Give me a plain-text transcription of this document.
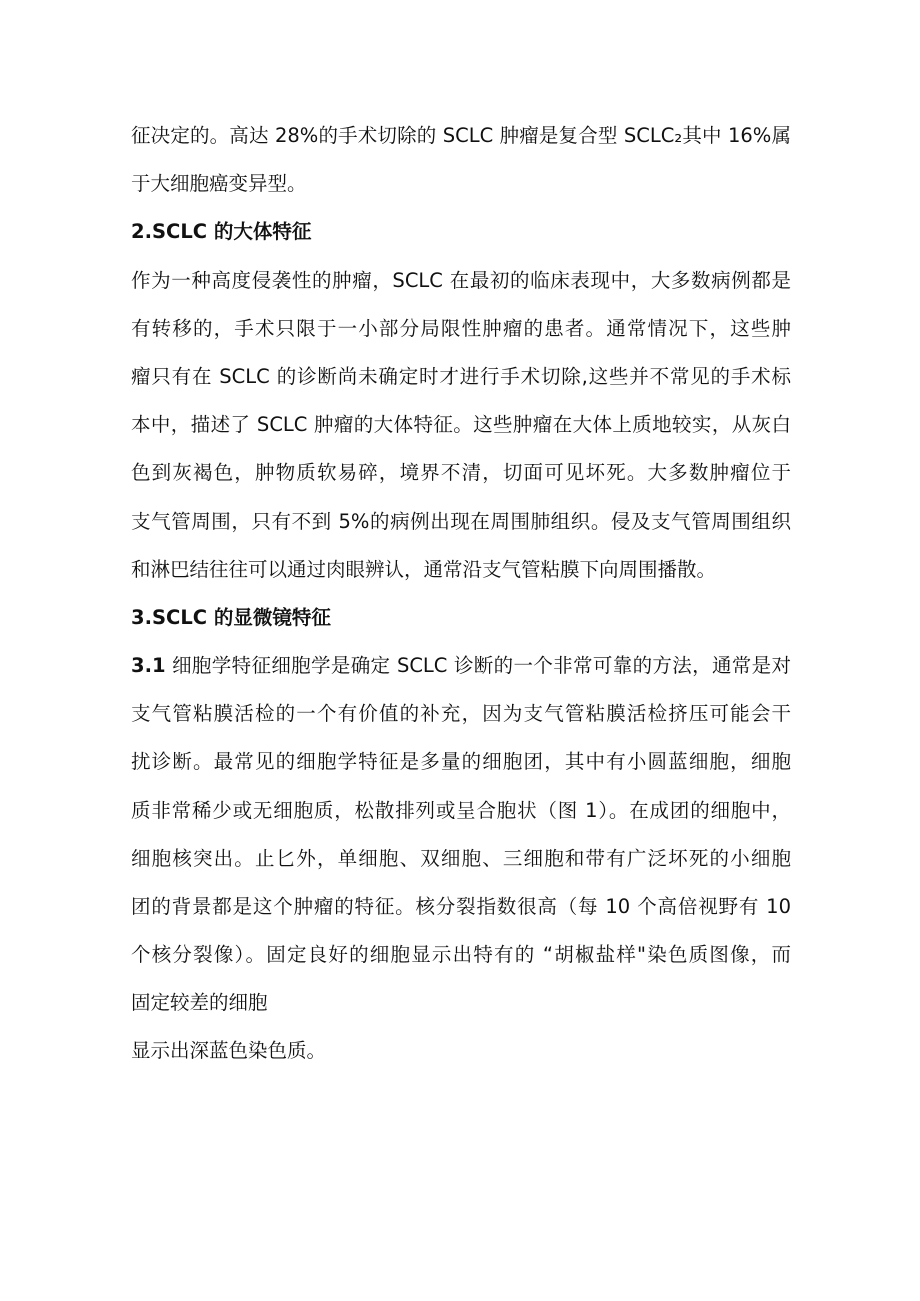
征决定的。高达 28%的手术切除的 SCLC 肿瘤是复合型 SCLC₂其中 16%属
于大细胞癌变异型。
2.SCLC 的大体特征
作为一种高度侵袭性的肿瘤，SCLC 在最初的临床表现中，大多数病例都是
有转移的，手术只限于一小部分局限性肿瘤的患者。通常情况下，这些肿
瘤只有在 SCLC 的诊断尚未确定时才进行手术切除,这些并不常见的手术标
本中，描述了 SCLC 肿瘤的大体特征。这些肿瘤在大体上质地较实，从灰白
色到灰褐色，肿物质软易碎，境界不清，切面可见坏死。大多数肿瘤位于
支气管周围，只有不到 5%的病例出现在周围肺组织。侵及支气管周围组织
和淋巴结往往可以通过肉眼辨认，通常沿支气管粘膜下向周围播散。
3.SCLC 的显微镜特征
3.1 细胞学特征细胞学是确定 SCLC 诊断的一个非常可靠的方法，通常是对
支气管粘膜活检的一个有价值的补充，因为支气管粘膜活检挤压可能会干
扰诊断。最常见的细胞学特征是多量的细胞团，其中有小圆蓝细胞，细胞
质非常稀少或无细胞质，松散排列或呈合胞状（图 1）。在成团的细胞中，
细胞核突出。止匕外，单细胞、双细胞、三细胞和带有广泛坏死的小细胞
团的背景都是这个肿瘤的特征。核分裂指数很高（每 10 个高倍视野有 10
个核分裂像）。固定良好的细胞显示出特有的 “胡椒盐样"染色质图像，而
固定较差的细胞
显示出深蓝色染色质。
